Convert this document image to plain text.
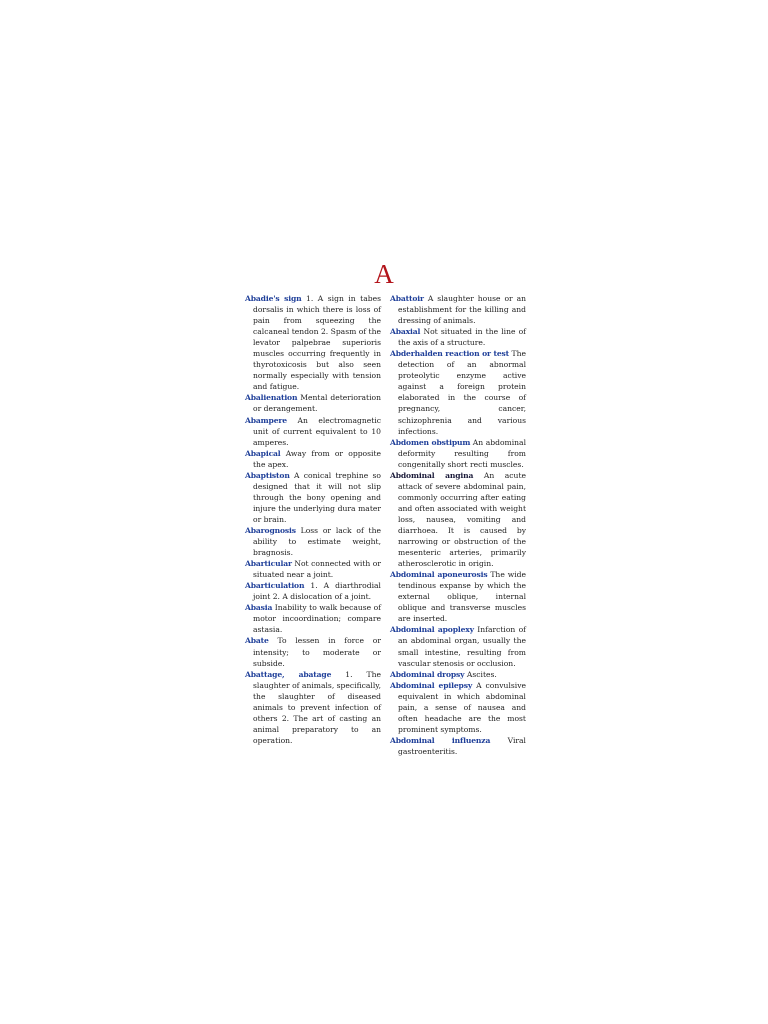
A

Abadie's sign 1. A sign in tabes dorsalis in which there is loss of pain from squeezing the calcaneal tendon 2. Spasm of the levator palpebrae superioris muscles occurring frequently in thyrotoxicosis but also seen normally especially with tension and fatigue.

Abalienation Mental deterioration or derangement.

Abampere An electromagnetic unit of current equivalent to 10 amperes.

Abapical Away from or opposite the apex.

Abaptiston A conical trephine so designed that it will not slip through the bony opening and injure the underlying dura mater or brain.

Abarognosis Loss or lack of the ability to estimate weight, bragnosis.

Abarticular Not connected with or situated near a joint.

Abarticulation 1. A diarthrodial joint 2. A dislocation of a joint.

Abasia Inability to walk because of motor incoordination; compare astasia.

Abate To lessen in force or intensity; to moderate or subside.

Abattage, abatage 1. The slaughter of animals, specifically, the slaughter of diseased animals to prevent infection of others 2. The art of casting an animal preparatory to an operation.

Abattoir A slaughter house or an establishment for the killing and dressing of animals.

Abaxial Not situated in the line of the axis of a structure.

Abderhalden reaction or test The detection of an abnormal proteolytic enzyme active against a foreign protein elaborated in the course of pregnancy, cancer, schizophrenia and various infections.

Abdomen obstipum An abdominal deformity resulting from congenitally short recti muscles.

Abdominal angina An acute attack of severe abdominal pain, commonly occurring after eating and often associated with weight loss, nausea, vomiting and diarrhoea. It is caused by narrowing or obstruction of the mesenteric arteries, primarily atherosclerotic in origin.

Abdominal aponeurosis The wide tendinous expanse by which the external oblique, internal oblique and transverse muscles are inserted.

Abdominal apoplexy Infarction of an abdominal organ, usually the small intestine, resulting from vascular stenosis or occlusion.

Abdominal dropsy Ascites.

Abdominal epilepsy A convulsive equivalent in which abdominal pain, a sense of nausea and often headache are the most prominent symptoms.

Abdominal influenza Viral gastroenteritis.
